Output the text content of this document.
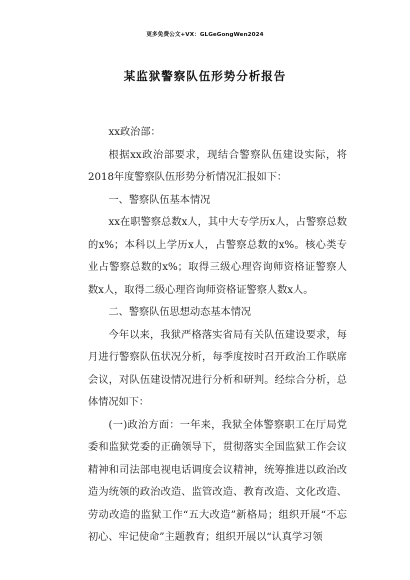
更多免费公文+VX：GLGeGongWen2024
某监狱警察队伍形势分析报告

xx政治部：

根据xx政治部要求，现结合警察队伍建设实际，将2018年度警察队伍形势分析情况汇报如下：

一、警察队伍基本情况

xx在职警察总数x人，其中大专学历x人，占警察总数的x%；本科以上学历x人，占警察总数的x%。核心类专业占警察总数的x%；取得三级心理咨询师资格证警察人数x人，取得二级心理咨询师资格证警察人数x人。

二、警察队伍思想动态基本情况

今年以来，我狱严格落实省局有关队伍建设要求，每月进行警察队伍状况分析，每季度按时召开政治工作联席会议，对队伍建设情况进行分析和研判。经综合分析，总体情况如下：

(一)政治方面：一年来，我狱全体警察职工在厅局党委和监狱党委的正确领导下，贯彻落实全国监狱工作会议精神和司法部电视电话调度会议精神，统筹推进以政治改造为统领的政治改造、监管改造、教育改造、文化改造、劳动改造的监狱工作“五大改造”新格局；组织开展“不忘初心、牢记使命”主题教育；组织开展以“认真学习领
